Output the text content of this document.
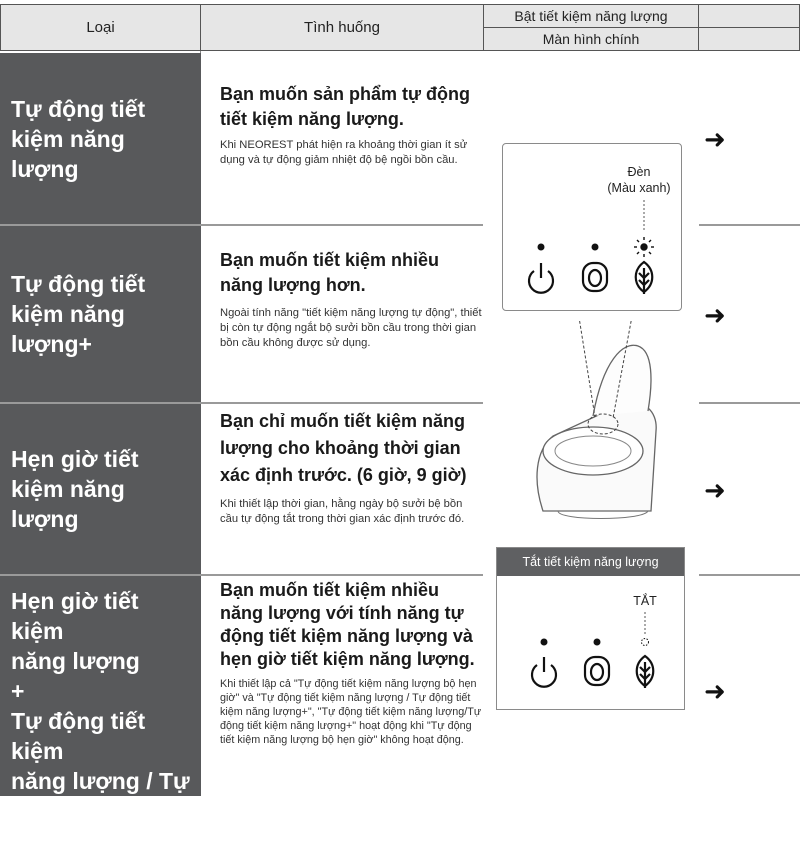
Loại	Tình huống
Bật tiết kiệm năng lượng
Màn hình chính
Tự động tiết kiệm năng lượng
Tự động tiết kiệm năng lượng+
Hẹn giờ tiết kiệm năng lượng
Hẹn giờ tiết kiệm
năng lượng
+
Tự động tiết kiệm
năng lượng / Tự
động tiết kiệm
năng lượng+
Bạn muốn sản phẩm tự động tiết kiệm năng lượng.

Khi NEOREST phát hiện ra khoảng thời gian ít sử dụng và tự động giảm nhiệt độ bệ ngồi bồn cầu.

Bạn muốn tiết kiệm nhiều năng lượng hơn.

Ngoài tính năng "tiết kiệm năng lượng tự động", thiết bị còn tự động ngắt bộ sưởi bồn cầu trong thời gian bồn cầu không được sử dụng.

Bạn chỉ muốn tiết kiệm năng lượng cho khoảng thời gian xác định trước. (6 giờ, 9 giờ)

Khi thiết lập thời gian, hằng ngày bộ sưởi bệ bồn cầu tự động tắt trong thời gian xác định trước đó.

Bạn muốn tiết kiệm nhiều năng lượng với tính năng tự động tiết kiệm năng lượng và hẹn giờ tiết kiệm năng lượng.

Khi thiết lập cả "Tự động tiết kiệm năng lượng bộ hẹn giờ" và "Tự động tiết kiệm năng lượng / Tự động tiết kiệm năng lượng+", "Tự động tiết kiệm năng lượng/Tự động tiết kiệm năng lượng+" hoạt động khi "Tự động tiết kiệm năng lượng bộ hẹn giờ" không hoạt động.

Đèn
(Màu xanh)
Tắt tiết kiệm năng lượng
TẮT
➜
➜
➜
➜
